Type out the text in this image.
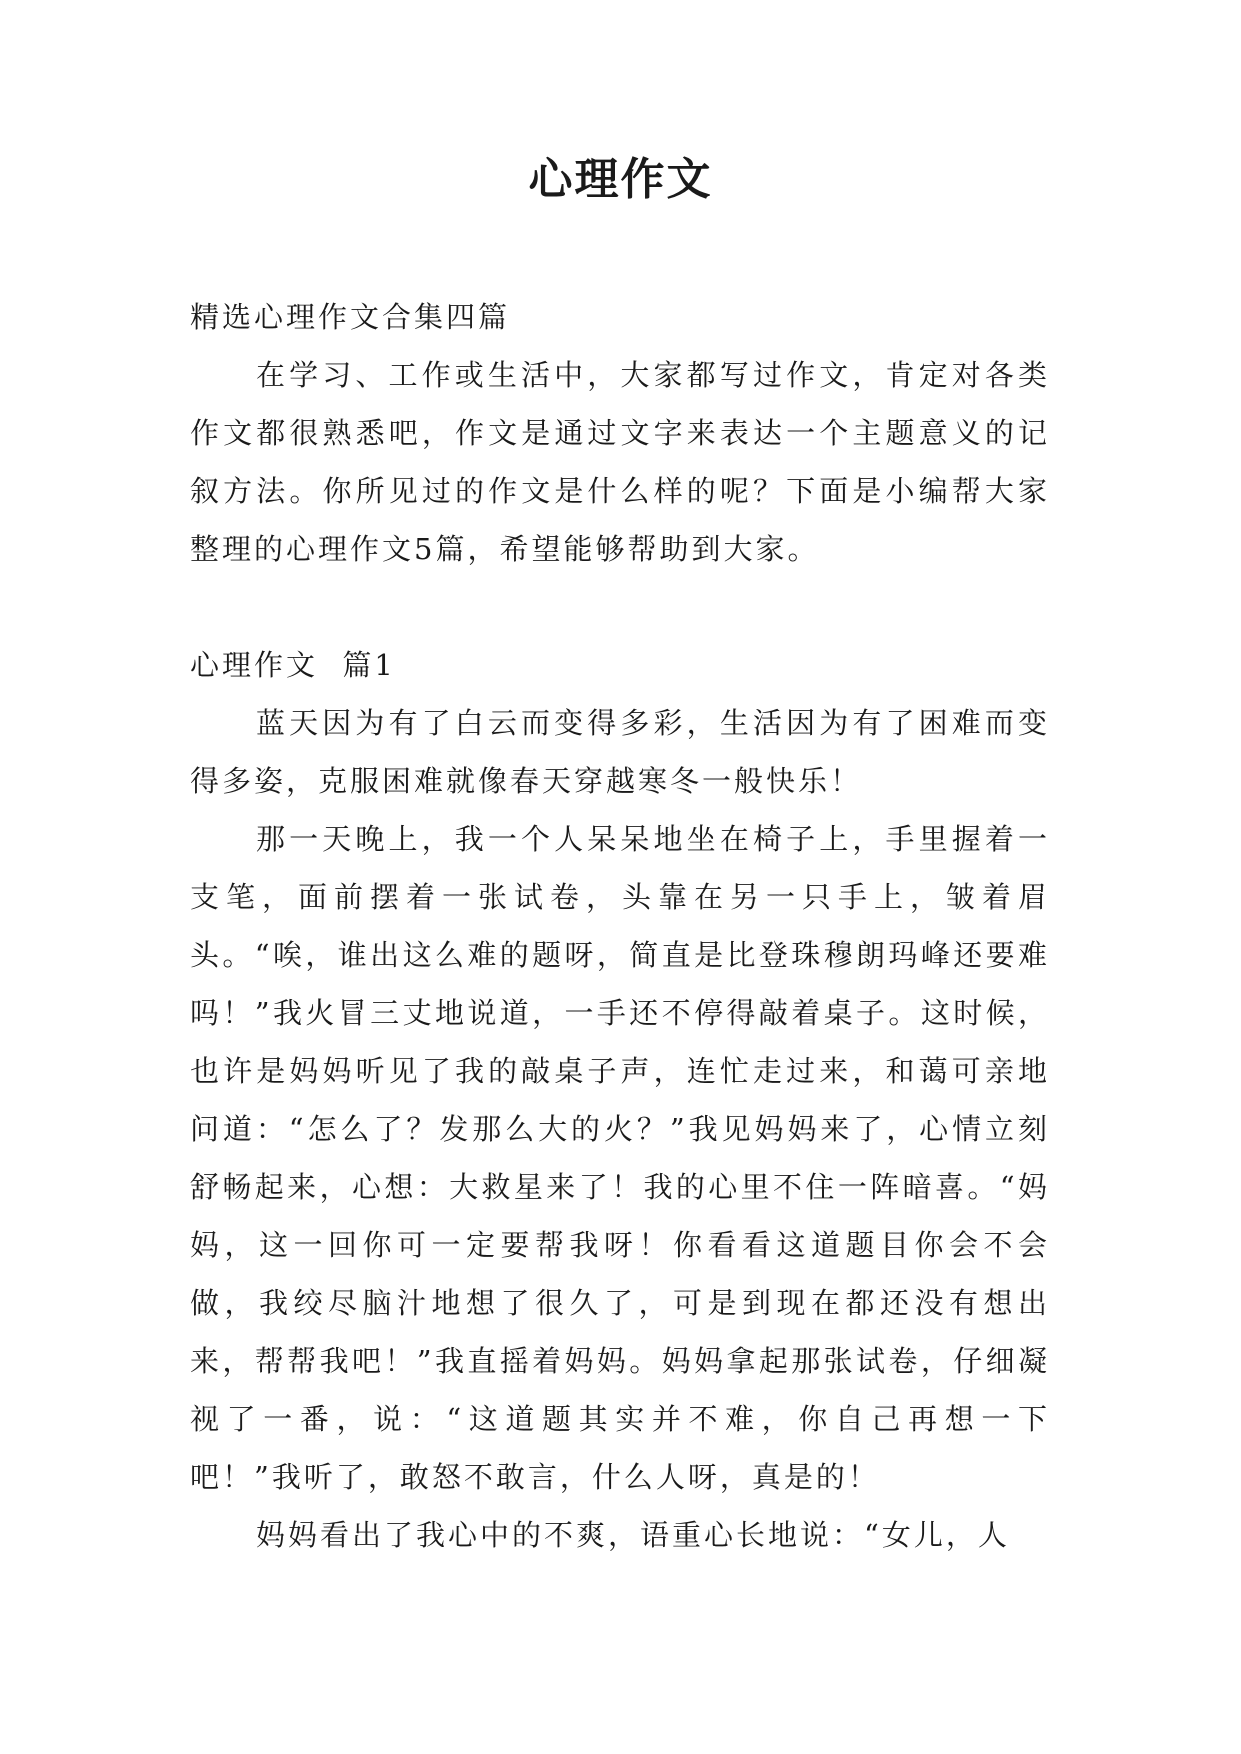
心理作文

精选心理作文合集四篇

在学习、工作或生活中，大家都写过作文，肯定对各类作文都很熟悉吧，作文是通过文字来表达一个主题意义的记叙方法。你所见过的作文是什么样的呢？下面是小编帮大家整理的心理作文5篇，希望能够帮助到大家。

心理作文  篇1

蓝天因为有了白云而变得多彩，生活因为有了困难而变得多姿，克服困难就像春天穿越寒冬一般快乐！

那一天晚上，我一个人呆呆地坐在椅子上，手里握着一支笔，面前摆着一张试卷，头靠在另一只手上，皱着眉头。“唉，谁出这么难的题呀，简直是比登珠穆朗玛峰还要难吗！”我火冒三丈地说道，一手还不停得敲着桌子。这时候，也许是妈妈听见了我的敲桌子声，连忙走过来，和蔼可亲地问道：“怎么了？发那么大的火？”我见妈妈来了，心情立刻舒畅起来，心想：大救星来了！我的心里不住一阵暗喜。“妈妈，这一回你可一定要帮我呀！你看看这道题目你会不会做，我绞尽脑汁地想了很久了，可是到现在都还没有想出来，帮帮我吧！”我直摇着妈妈。妈妈拿起那张试卷，仔细凝视了一番，说：“这道题其实并不难，你自己再想一下吧！”我听了，敢怒不敢言，什么人呀，真是的！

妈妈看出了我心中的不爽，语重心长地说：“女儿，人
